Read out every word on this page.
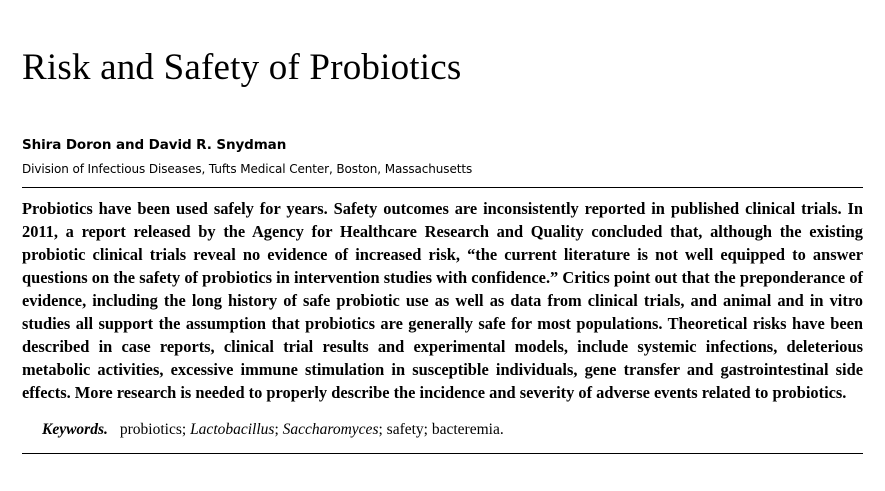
Risk and Safety of Probiotics
Shira Doron and David R. Snydman
Division of Infectious Diseases, Tufts Medical Center, Boston, Massachusetts
Probiotics have been used safely for years. Safety outcomes are inconsistently reported in published clinical trials. In 2011, a report released by the Agency for Healthcare Research and Quality concluded that, although the existing probiotic clinical trials reveal no evidence of increased risk, “the current literature is not well equipped to answer questions on the safety of probiotics in intervention studies with confidence.” Critics point out that the preponderance of evidence, including the long history of safe probiotic use as well as data from clinical trials, and animal and in vitro studies all support the assumption that probiotics are generally safe for most populations. Theoretical risks have been described in case reports, clinical trial results and experimental models, include systemic infections, deleterious metabolic activities, excessive immune stimulation in susceptible individuals, gene transfer and gastrointestinal side effects. More research is needed to properly describe the incidence and severity of adverse events related to probiotics.
Keywords. probiotics; Lactobacillus; Saccharomyces; safety; bacteremia.
